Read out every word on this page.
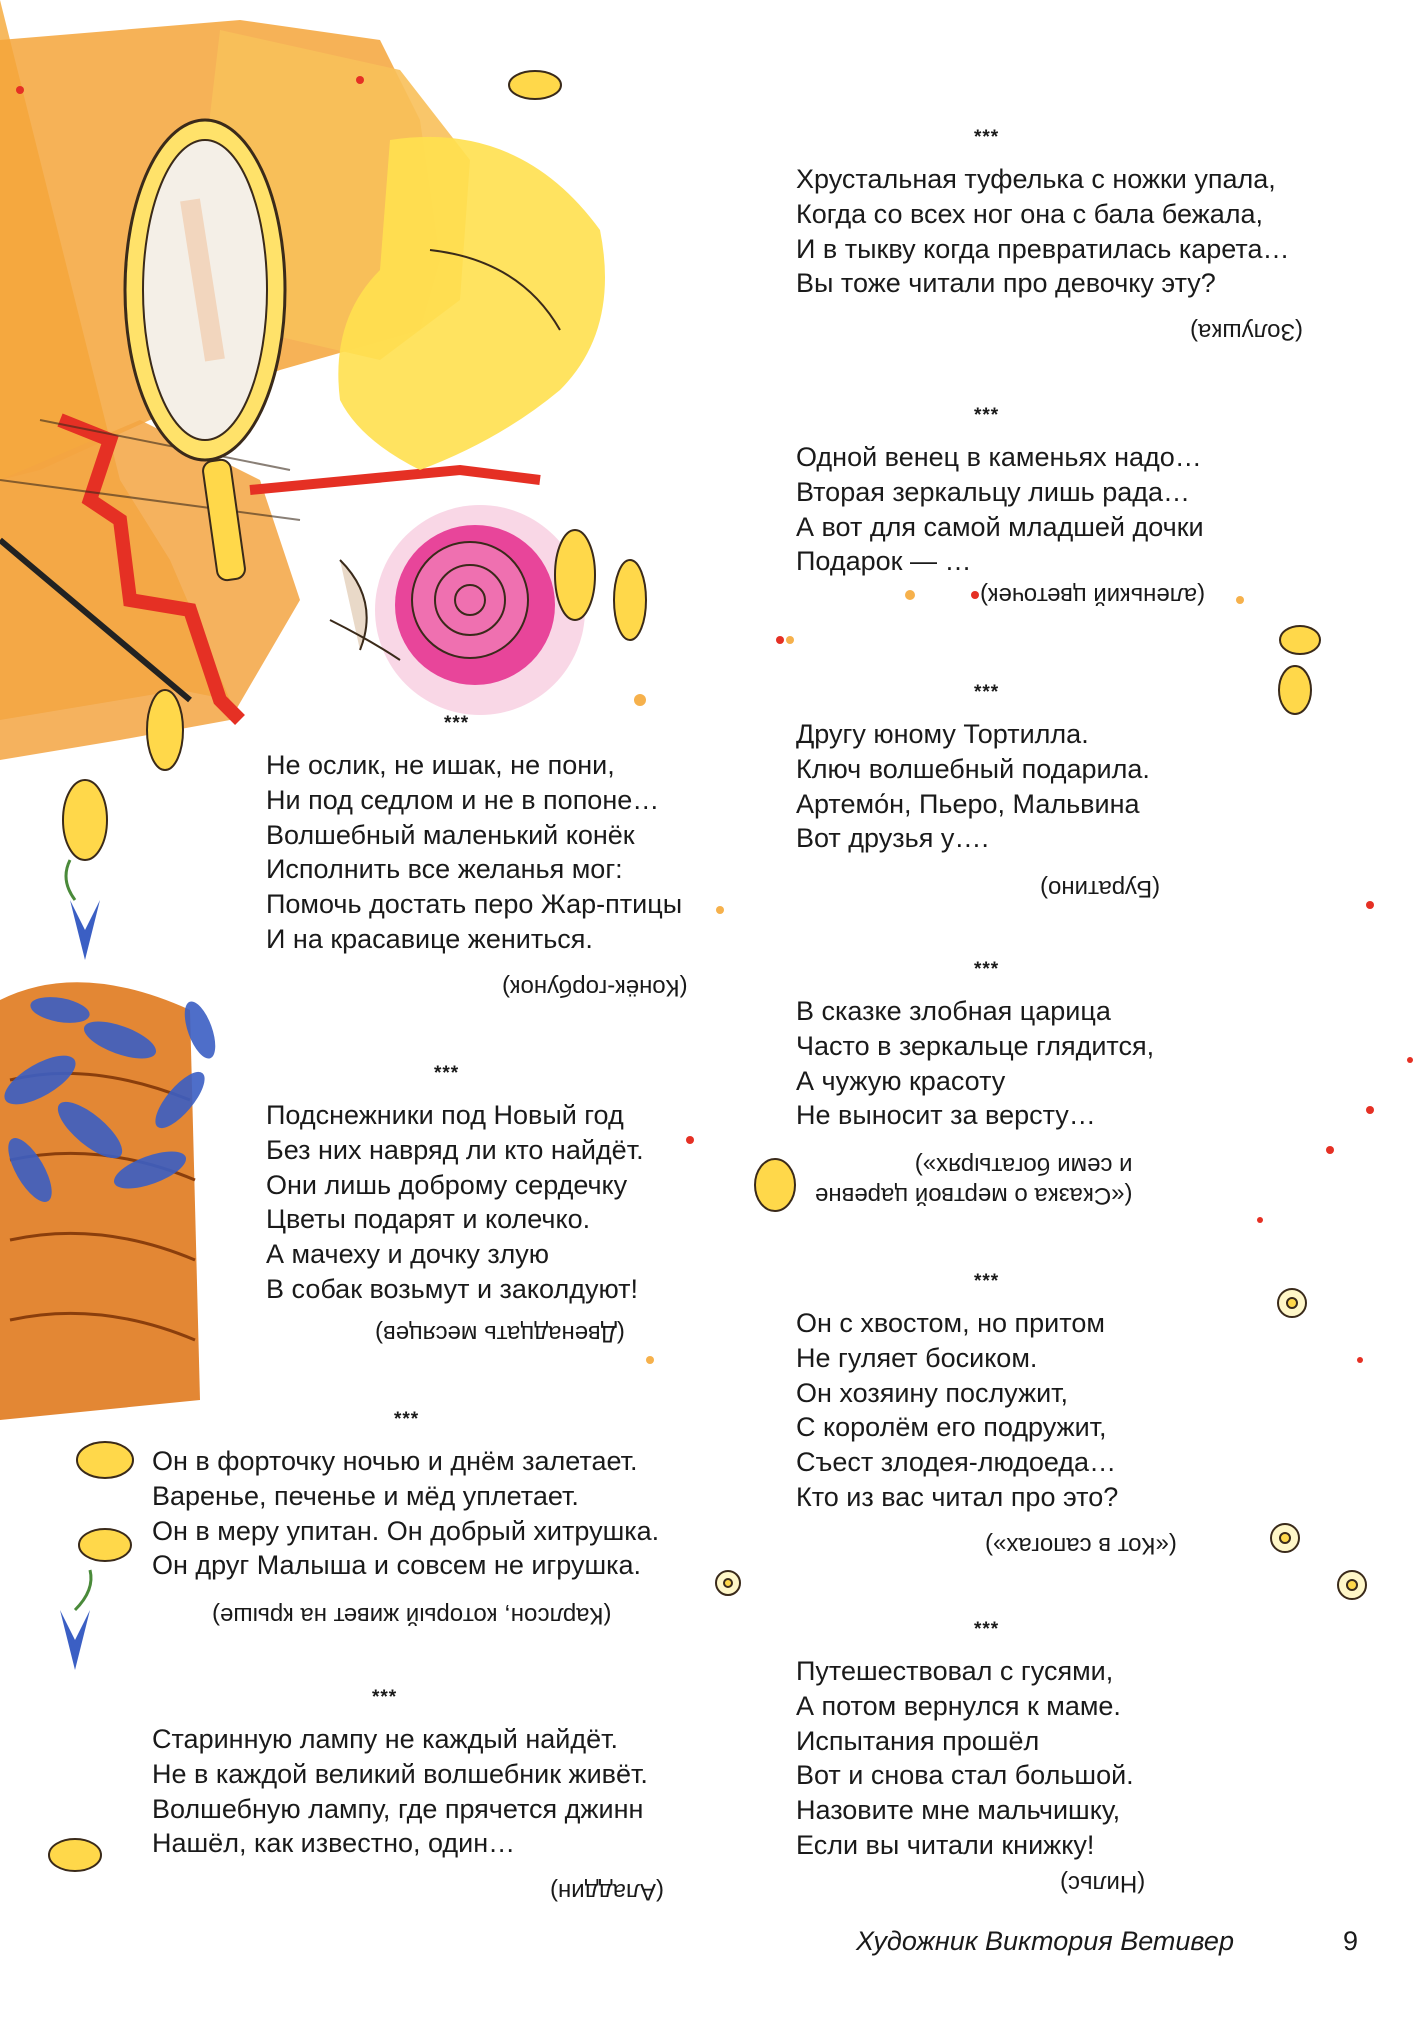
***
Хрустальная туфелька с ножки упала,
Когда со всех ног она с бала бежала,
И в тыкву когда превратилась карета…
Вы тоже читали про девочку эту?
(Золушка)
***
Одной венец в каменьях надо…
Вторая зеркальцу лишь рада…
А вот для самой младшей дочки
Подарок — …
(аленький цветочек)
***
Другу юному Тортилла.
Ключ волшебный подарила.
Артемо́н, Пьеро, Мальвина
Вот друзья у….
(Буратино)
***
В сказке злобная царица
Часто в зеркальце глядится,
А чужую красоту
Не выносит за версту…
(«Сказка о мертвой царевне
и семи богатырях»)
***
Он с хвостом, но притом
Не гуляет босиком.
Он хозяину послужит,
С королём его подружит,
Съест злодея-людоеда…
Кто из вас читал про это?
(«Кот в сапогах»)
***
Путешествовал с гусями,
А потом вернулся к маме.
Испытания прошёл
Вот и снова стал большой.
Назовите мне мальчишку,
Если вы читали книжку!
(Нильс)
***
Не ослик, не ишак, не пони,
Ни под седлом и не в попоне…
Волшебный маленький конёк
Исполнить все желанья мог:
Помочь достать перо Жар-птицы
И на красавице жениться.
(Конёк-горбунок)
***
Подснежники под Новый год
Без них навряд ли кто найдёт.
Они лишь доброму сердечку
Цветы подарят и колечко.
А мачеху и дочку злую
В собак возьмут и заколдуют!
(Двенадцать месяцев)
***
Он в форточку ночью и днём залетает.
Варенье, печенье и мёд уплетает.
Он в меру упитан. Он добрый хитрушка.
Он друг Малыша и совсем не игрушка.
(Карлсон, который живет на крыше)
***
Старинную лампу не каждый найдёт.
Не в каждой великий волшебник живёт.
Волшебную лампу, где прячется джинн
Нашёл, как известно, один…
(Аладдин)
Художник Виктория Ветивер	9
